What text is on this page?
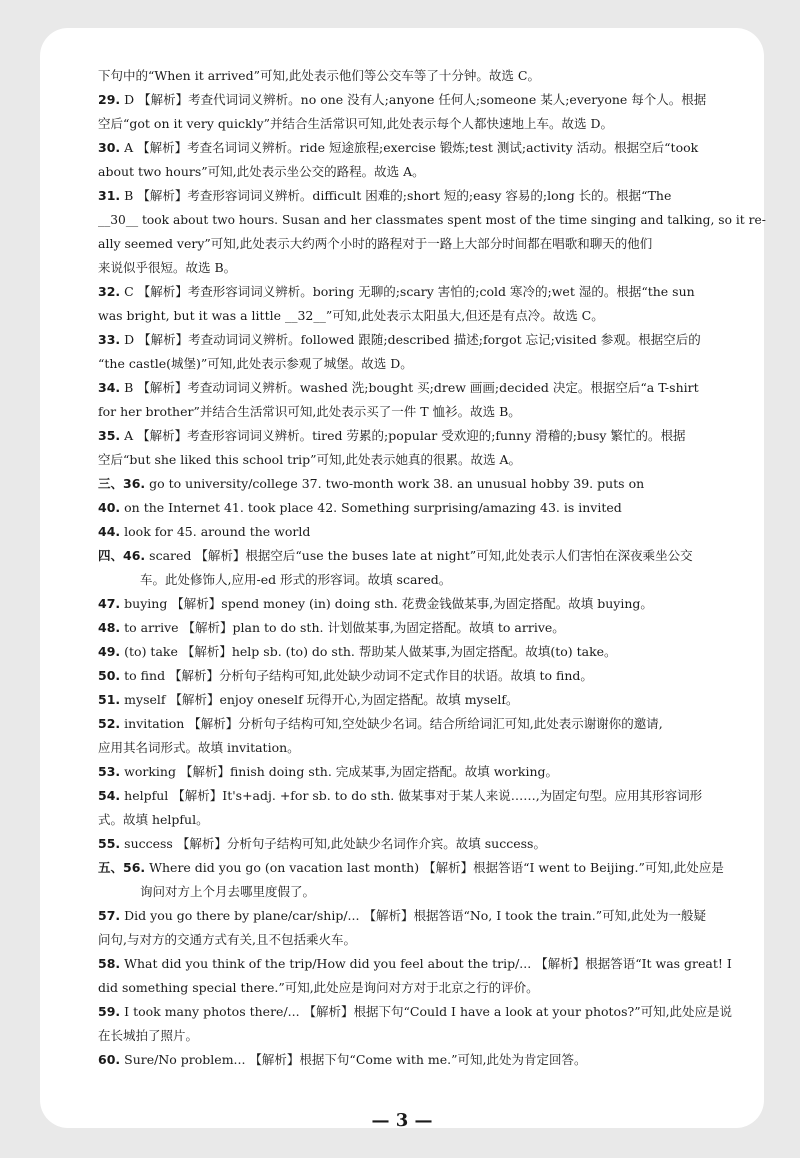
下句中的“When it arrived”可知,此处表示他们等公交车等了十分钟。故选 C。
29. D 【解析】考查代词词义辨析。no one 没有人;anyone 任何人;someone 某人;everyone 每个人。根据
空后“got on it very quickly”并结合生活常识可知,此处表示每个人都快速地上车。故选 D。
30. A 【解析】考查名词词义辨析。ride 短途旅程;exercise 锻炼;test 测试;activity 活动。根据空后“took
about two hours”可知,此处表示坐公交的路程。故选 A。
31. B 【解析】考查形容词词义辨析。difficult 困难的;short 短的;easy 容易的;long 长的。根据“The
__30__ took about two hours. Susan and her classmates spent most of the time singing and talking, so it re-
ally seemed very”可知,此处表示大约两个小时的路程对于一路上大部分时间都在唱歌和聊天的他们
来说似乎很短。故选 B。
32. C 【解析】考查形容词词义辨析。boring 无聊的;scary 害怕的;cold 寒冷的;wet 湿的。根据“the sun
was bright, but it was a little __32__”可知,此处表示太阳虽大,但还是有点冷。故选 C。
33. D 【解析】考查动词词义辨析。followed 跟随;described 描述;forgot 忘记;visited 参观。根据空后的
“the castle(城堡)”可知,此处表示参观了城堡。故选 D。
34. B 【解析】考查动词词义辨析。washed 洗;bought 买;drew 画画;decided 决定。根据空后“a T-shirt
for her brother”并结合生活常识可知,此处表示买了一件 T 恤衫。故选 B。
35. A 【解析】考查形容词词义辨析。tired 劳累的;popular 受欢迎的;funny 滑稽的;busy 繁忙的。根据
空后“but she liked this school trip”可知,此处表示她真的很累。故选 A。
三、36. go to university/college 37. two-month work 38. an unusual hobby 39. puts on
40. on the Internet 41. took place 42. Something surprising/amazing 43. is invited
44. look for 45. around the world
四、46. scared 【解析】根据空后“use the buses late at night”可知,此处表示人们害怕在深夜乘坐公交
车。此处修饰人,应用-ed 形式的形容词。故填 scared。
47. buying 【解析】spend money (in) doing sth. 花费金钱做某事,为固定搭配。故填 buying。
48. to arrive 【解析】plan to do sth. 计划做某事,为固定搭配。故填 to arrive。
49. (to) take 【解析】help sb. (to) do sth. 帮助某人做某事,为固定搭配。故填(to) take。
50. to find 【解析】分析句子结构可知,此处缺少动词不定式作目的状语。故填 to find。
51. myself 【解析】enjoy oneself 玩得开心,为固定搭配。故填 myself。
52. invitation 【解析】分析句子结构可知,空处缺少名词。结合所给词汇可知,此处表示谢谢你的邀请,
应用其名词形式。故填 invitation。
53. working 【解析】finish doing sth. 完成某事,为固定搭配。故填 working。
54. helpful 【解析】It's+adj. +for sb. to do sth. 做某事对于某人来说……,为固定句型。应用其形容词形
式。故填 helpful。
55. success 【解析】分析句子结构可知,此处缺少名词作介宾。故填 success。
五、56. Where did you go (on vacation last month) 【解析】根据答语“I went to Beijing.”可知,此处应是
询问对方上个月去哪里度假了。
57. Did you go there by plane/car/ship/... 【解析】根据答语“No, I took the train.”可知,此处为一般疑
问句,与对方的交通方式有关,且不包括乘火车。
58. What did you think of the trip/How did you feel about the trip/... 【解析】根据答语“It was great! I
did something special there.”可知,此处应是询问对方对于北京之行的评价。
59. I took many photos there/... 【解析】根据下句“Could I have a look at your photos?”可知,此处应是说
在长城拍了照片。
60. Sure/No problem... 【解析】根据下句“Come with me.”可知,此处为肯定回答。
— 3 —
